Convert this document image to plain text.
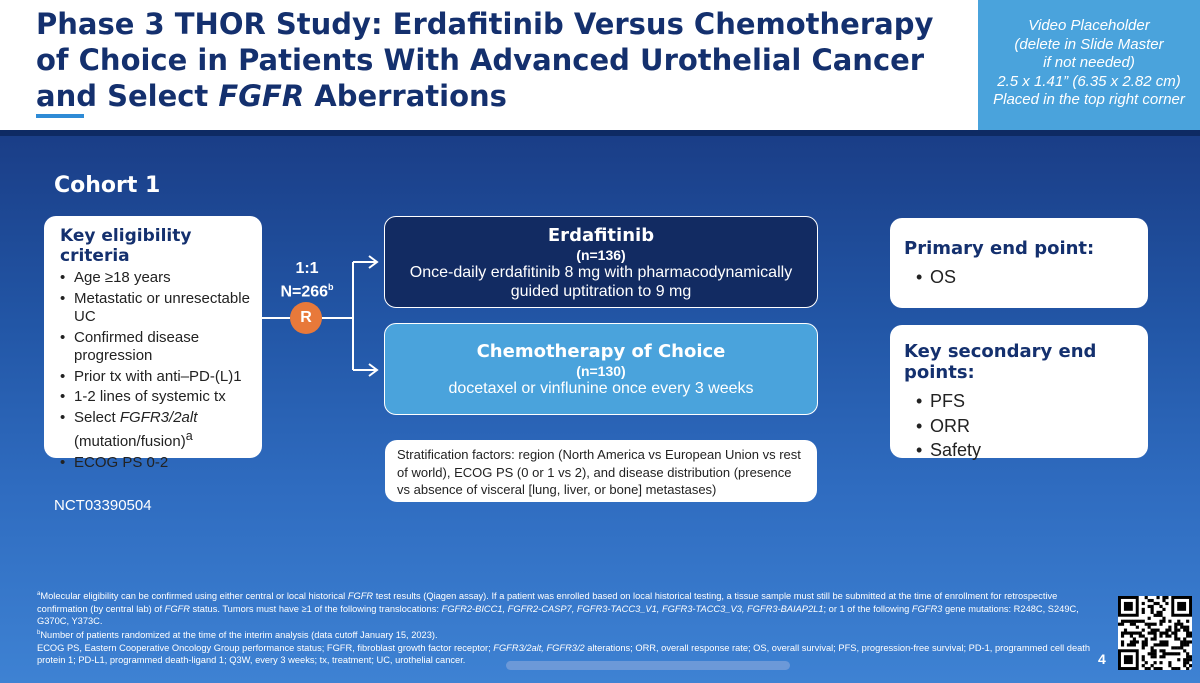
Phase 3 THOR Study: Erdafitinib Versus Chemotherapy of Choice in Patients With Advanced Urothelial Cancer and Select FGFR Aberrations
Video Placeholder
(delete in Slide Master
if not needed)
2.5 x 1.41” (6.35 x 2.82 cm)
Placed in the top right corner
Cohort 1
Key eligibility criteria
• Age ≥18 years
• Metastatic or unresectable UC
• Confirmed disease progression
• Prior tx with anti–PD-(L)1
• 1-2 lines of systemic tx
• Select FGFR3/2alt (mutation/fusion)$^a$
• ECOG PS 0-2
1:1
$N=266^b$
R
Erdafitinib
(n=136)
Once-daily erdafitinib 8 mg with pharmacodynamically guided uptitration to 9 mg
Chemotherapy of Choice
(n=130)
docetaxel or vinflunine once every 3 weeks
Stratification factors: region (North America vs European Union vs rest of world), ECOG PS (0 or 1 vs 2), and disease distribution (presence vs absence of visceral [lung, liver, or bone] metastases)
Primary end point:
• OS
Key secondary end points:
• PFS
• ORR
• Safety
NCT03390504

$^a$Molecular eligibility can be confirmed using either central or local historical FGFR test results (Qiagen assay). If a patient was enrolled based on local historical testing, a tissue sample must still be submitted at the time of enrollment for retrospective confirmation (by central lab) of FGFR status. Tumors must have ≥1 of the following translocations: FGFR2-BICC1, FGFR2-CASP7, FGFR3-TACC3_V1, FGFR3-TACC3_V3, FGFR3-BAIAP2L1; or 1 of the following FGFR3 gene mutations: R248C, S249C, G370C, Y373C.

$^b$Number of patients randomized at the time of the interim analysis (data cutoff January 15, 2023).

ECOG PS, Eastern Cooperative Oncology Group performance status; FGFR, fibroblast growth factor receptor; FGFR3/2alt, FGFR3/2 alterations; ORR, overall response rate; OS, overall survival; PFS, progression-free survival; PD-1, programmed cell death protein 1; PD-L1, programmed death-ligand 1; Q3W, every 3 weeks; tx, treatment; UC, urothelial cancer.	4
